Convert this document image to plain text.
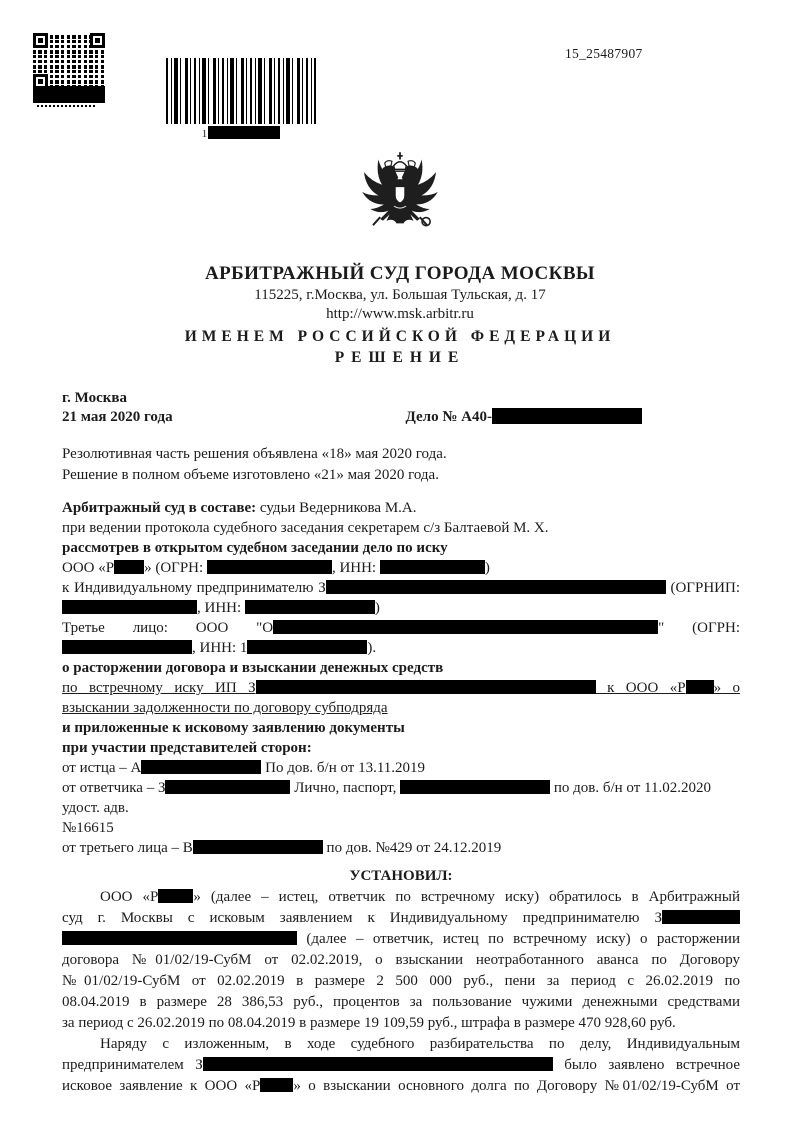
1
15_25487907
АРБИТРАЖНЫЙ СУД ГОРОДА МОСКВЫ
115225, г.Москва, ул. Большая Тульская, д. 17
http://www.msk.arbitr.ru
ИМЕНЕМ РОССИЙСКОЙ ФЕДЕРАЦИИ
РЕШЕНИЕ
г. Москва
21 мая 2020 года	Дело № А40-
Резолютивная часть решения объявлена «18» мая 2020 года.
Решение в полном объеме изготовлено «21» мая 2020 года.
Арбитражный суд в составе: судьи Ведерникова М.А.
при ведении протокола судебного заседания секретарем с/з Балтаевой М. Х.
рассмотрев в открытом судебном заседании дело по иску
ООО «Р » (ОГРН:	, ИНН:	)
к Индивидуальному предпринимателю З	(ОГРНИП:
, ИНН:	)
Третье лицо: ООО "О	" (ОГРН:
, ИНН: 1	).
о расторжении договора и взыскании денежных средств
по встречному иску ИП З	к ООО «Р » о
взыскании задолженности по договору субподряда
и приложенные к исковому заявлению документы
при участии представителей сторон:
от истца – А	По дов. б/н от 13.11.2019
от ответчика – З	Лично, паспорт,	по дов. б/н от 11.02.2020 удост. адв.
№16615
от третьего лица – В	по дов. №429 от 24.12.2019
УСТАНОВИЛ:
ООО «Р » (далее – истец, ответчик по встречному иску) обратилось в Арбитражный
суд г. Москвы с исковым заявлением к Индивидуальному предпринимателю З
(далее – ответчик, истец по встречному иску) о расторжении
договора №01/02/19-СубМ от 02.02.2019, о взыскании неотработанного аванса по Договору
№01/02/19-СубМ от 02.02.2019 в размере 2 500 000 руб., пени за период с 26.02.2019 по
08.04.2019 в размере 28 386,53 руб., процентов за пользование чужими денежными средствами
за период с 26.02.2019 по 08.04.2019 в размере 19 109,59 руб., штрафа в размере 470 928,60 руб.
Наряду с изложенным, в ходе судебного разбирательства по делу, Индивидуальным
предпринимателем З	было заявлено встречное
исковое заявление к ООО «Р » о взыскании основного долга по Договору №01/02/19-СубМ от
